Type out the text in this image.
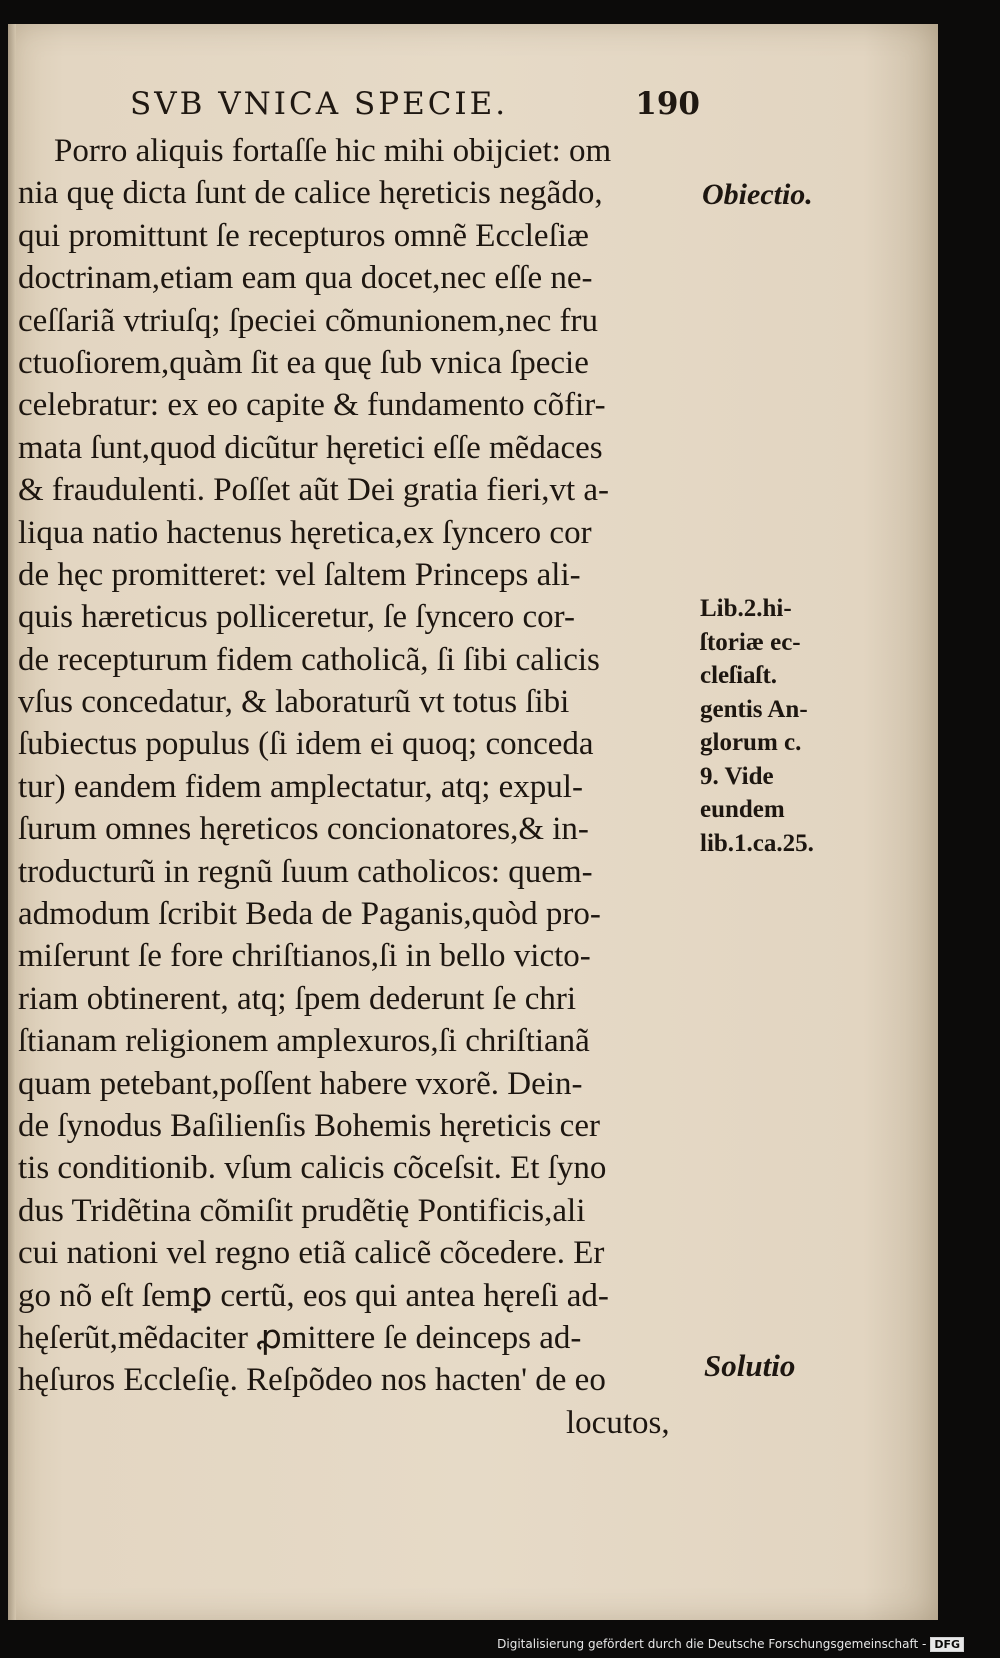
SVB VNICA SPECIE.	190
Porro aliquis fortaſſe hic mihi obijciet: om
nia quę dicta ſunt de calice hęreticis negãdo,
qui promittunt ſe recepturos omnẽ Eccleſiæ
doctrinam,etiam eam qua docet,nec eſſe ne-
ceſſariã vtriuſq; ſpeciei cõmunionem,nec fru
ctuoſiorem,quàm ſit ea quę ſub vnica ſpecie
celebratur: ex eo capite & fundamento cõfir-
mata ſunt,quod dicũtur hęretici eſſe mẽdaces
& fraudulenti. Poſſet aũt Dei gratia fieri,vt a-
liqua natio hactenus hęretica,ex ſyncero cor
de hęc promitteret: vel ſaltem Princeps ali-
quis hæreticus polliceretur, ſe ſyncero cor-
de recepturum fidem catholicã, ſi ſibi calicis
vſus concedatur, & laboraturũ vt totus ſibi
ſubiectus populus (ſi idem ei quoq; conceda
tur) eandem fidem amplectatur, atq; expul-
ſurum omnes hęreticos concionatores,& in-
troducturũ in regnũ ſuum catholicos: quem-
admodum ſcribit Beda de Paganis,quòd pro-
miſerunt ſe fore chriſtianos,ſi in bello victo-
riam obtinerent, atq; ſpem dederunt ſe chri
ſtianam religionem amplexuros,ſi chriſtianã
quam petebant,poſſent habere vxorẽ. Dein-
de ſynodus Baſilienſis Bohemis hęreticis cer
tis conditionib. vſum calicis cõceſsit. Et ſyno
dus Tridẽtina cõmiſit prudẽtię Pontificis,ali
cui nationi vel regno etiã calicẽ cõcedere. Er
go nõ eſt ſemꝑ certũ, eos qui antea hęreſi ad-
hęſerũt,mẽdaciter ꝓmittere ſe deinceps ad-
hęſuros Eccleſię. Reſpõdeo nos hacten' de eo
locutos,
Obiectio.
Lib.2.hi-
ſtoriæ ec-
cleſiaſt.
gentis An-
glorum c.
9. Vide
eundem
lib.1.ca.25.
Solutio
Digitalisierung gefördert durch die Deutsche Forschungsgemeinschaft - DFG
